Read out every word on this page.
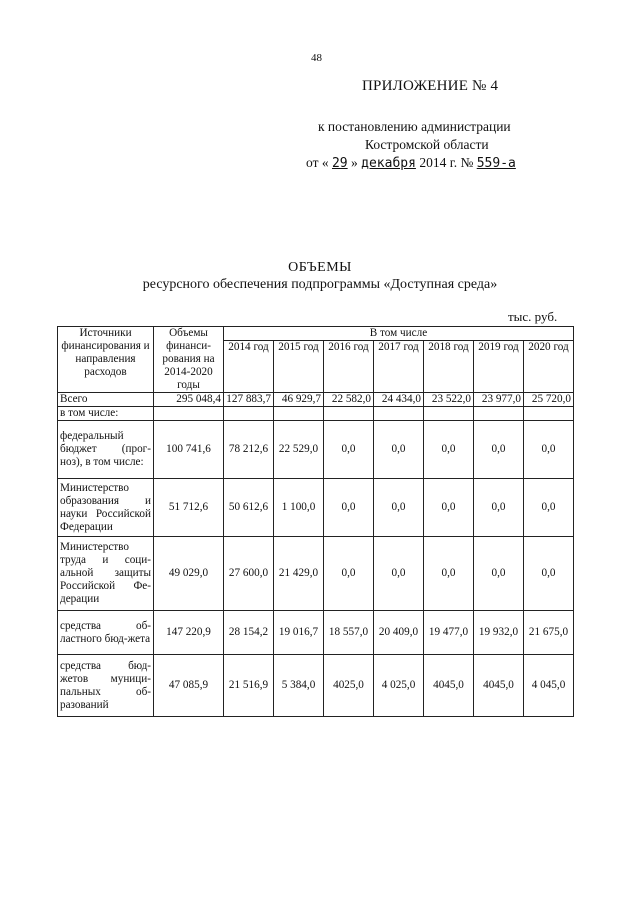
48
ПРИЛОЖЕНИЕ № 4
к постановлению администрации
Костромской области
от « 29 » декабря 2014 г. № 559-а
ОБЪЕМЫ
ресурсного обеспечения подпрограммы «Доступная среда»
тыс. руб.
Источники финансирования и направления расходов	Объемы финанси-рования на 2014-2020 годы	В том числе						
		2014 год	2015 год	2016 год	2017 год	2018 год	2019 год	2020 год
Всего	295 048,4	127 883,7	46 929,7	22 582,0	24 434,0	23 522,0	23 977,0	25 720,0
в том числе:								
федеральный бюджет (прог-ноз), в том числе:	100 741,6	78 212,6	22 529,0	0,0	0,0	0,0	0,0	0,0
Министерство образования и науки Российской Федерации	51 712,6	50 612,6	1 100,0	0,0	0,0	0,0	0,0	0,0
Министерство труда и соци-альной защиты Российской Фе-дерации	49 029,0	27 600,0	21 429,0	0,0	0,0	0,0	0,0	0,0
средства об-ластного бюд-жета	147 220,9	28 154,2	19 016,7	18 557,0	20 409,0	19 477,0	19 932,0	21 675,0
средства бюд-жетов муници-пальных об-разований	47 085,9	21 516,9	5 384,0	4025,0	4 025,0	4045,0	4045,0	4 045,0
